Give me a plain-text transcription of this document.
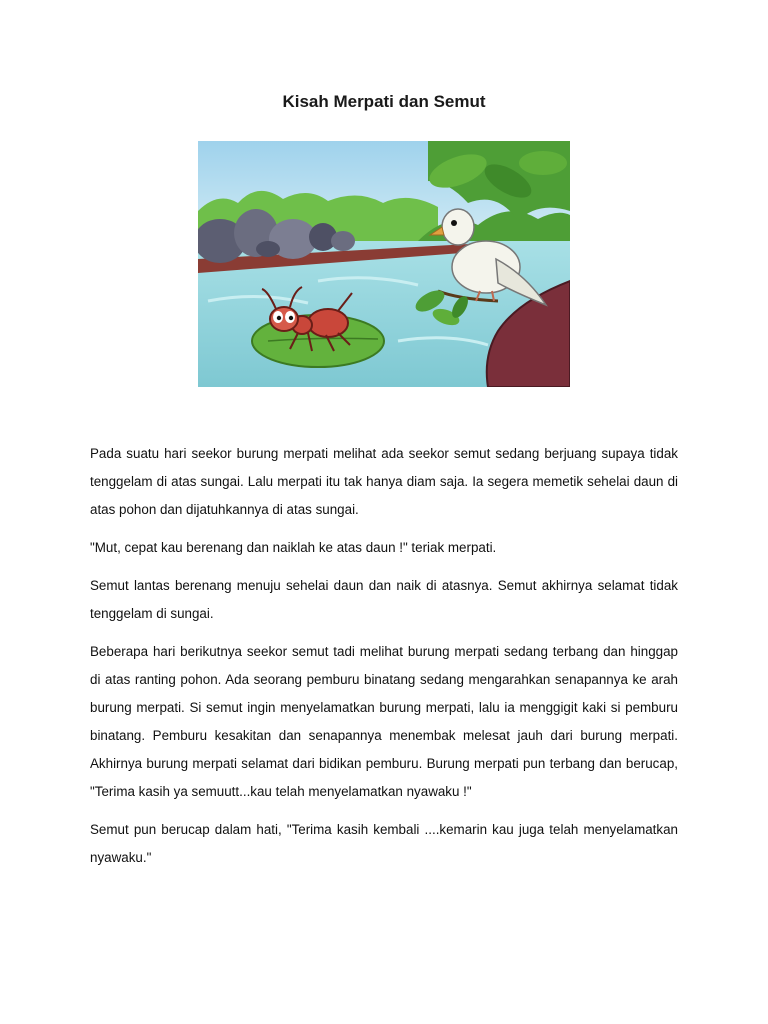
Kisah Merpati dan Semut

Pada suatu hari seekor burung merpati melihat ada seekor semut sedang berjuang supaya tidak tenggelam di atas sungai. Lalu merpati itu tak hanya diam saja. Ia segera memetik sehelai daun di atas pohon dan dijatuhkannya di atas sungai.

"Mut, cepat kau berenang dan naiklah ke atas daun !" teriak merpati.

Semut lantas berenang menuju sehelai daun dan naik di atasnya. Semut akhirnya selamat tidak tenggelam di sungai.

Beberapa hari berikutnya seekor semut tadi melihat burung merpati sedang terbang dan hinggap di atas ranting pohon. Ada seorang pemburu binatang sedang mengarahkan senapannya ke arah burung merpati. Si semut ingin menyelamatkan burung merpati, lalu ia menggigit kaki si pemburu binatang. Pemburu kesakitan dan senapannya menembak melesat jauh dari burung merpati. Akhirnya burung merpati selamat dari bidikan pemburu. Burung merpati pun terbang dan berucap, "Terima kasih ya semuutt...kau telah menyelamatkan nyawaku !"

Semut pun berucap dalam hati, "Terima kasih kembali ....kemarin kau juga telah menyelamatkan nyawaku."
